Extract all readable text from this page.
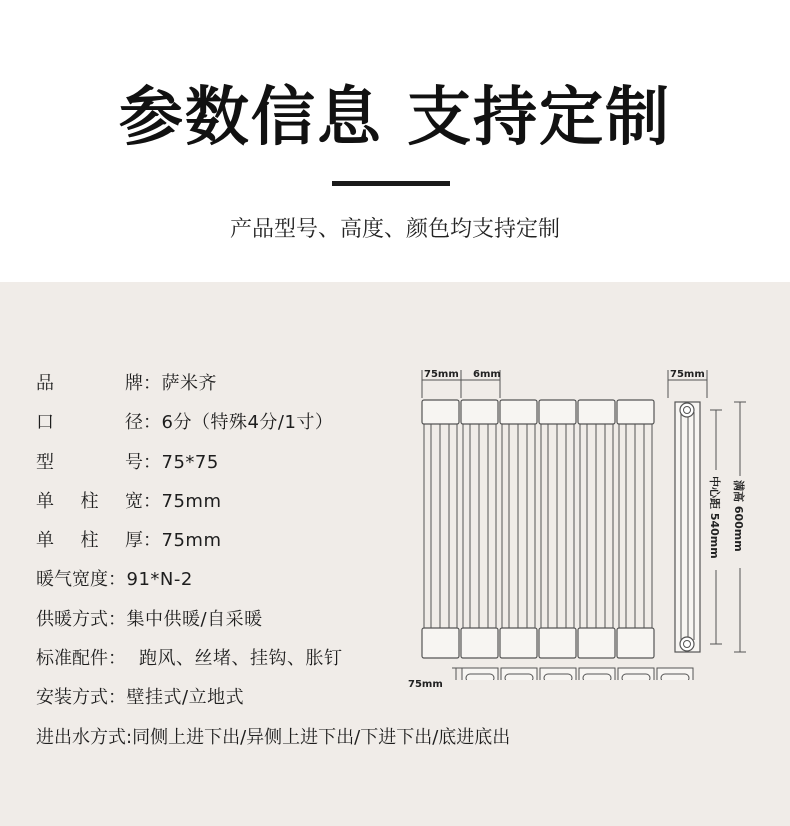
参数信息 支持定制
产品型号、高度、颜色均支持定制
品	牌 ：萨米齐
口	径 ：6分（特殊4分/1寸）
型	号 ：75*75
单 柱 宽 ：75mm
单 柱 厚 ：75mm
暖气宽度 ：91*N-2
供暖方式 ：集中供暖/自采暖
标准配件 ：  跑风、丝堵、挂钩、胀钉
安装方式 ：壁挂式/立地式
进出水方式 :同侧上进下出/异侧上进下出/下进下出/底进底出
75mm 6mm	75mm
中心距 540mm 满高 600mm
75mm
